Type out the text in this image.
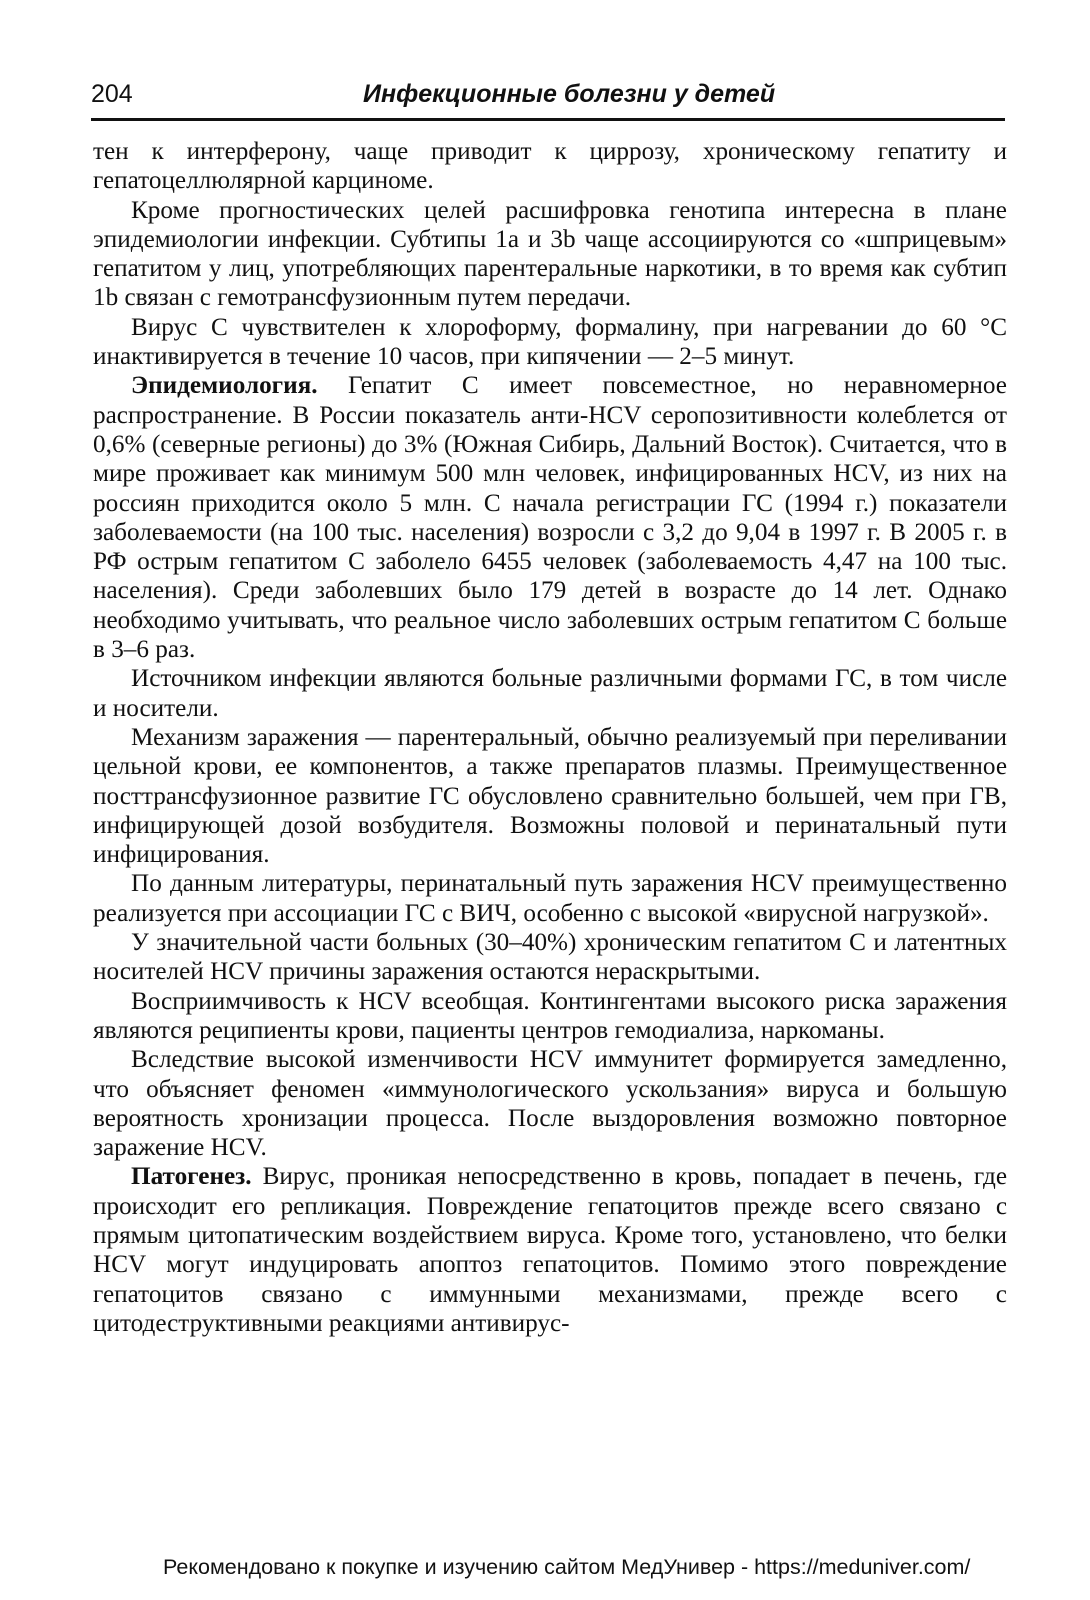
204	Инфекционные болезни у детей

тен к интерферону, чаще приводит к циррозу, хроническому гепатиту и гепатоцеллюлярной карциноме.

Кроме прогностических целей расшифровка генотипа интересна в плане эпидемиологии инфекции. Субтипы 1а и 3b чаще ассоциируются со «шприцевым» гепатитом у лиц, употребляющих парентеральные наркотики, в то время как субтип 1b связан с гемотрансфузионным путем передачи.

Вирус С чувствителен к хлороформу, формалину, при нагревании до 60 °С инактивируется в течение 10 часов, при кипячении — 2–5 минут.

Эпидемиология. Гепатит С имеет повсеместное, но неравномерное распространение. В России показатель анти-HCV серопозитивности колеблется от 0,6% (северные регионы) до 3% (Южная Сибирь, Дальний Восток). Считается, что в мире проживает как минимум 500 млн человек, инфицированных HCV, из них на россиян приходится около 5 млн. С начала регистрации ГС (1994 г.) показатели заболеваемости (на 100 тыс. населения) возросли с 3,2 до 9,04 в 1997 г. В 2005 г. в РФ острым гепатитом С заболело 6455 человек (заболеваемость 4,47 на 100 тыс. населения). Среди заболевших было 179 детей в возрасте до 14 лет. Однако необходимо учитывать, что реальное число заболевших острым гепатитом С больше в 3–6 раз.

Источником инфекции являются больные различными формами ГС, в том числе и носители.

Механизм заражения — парентеральный, обычно реализуемый при переливании цельной крови, ее компонентов, а также препаратов плазмы. Преимущественное посттрансфузионное развитие ГС обусловлено сравнительно большей, чем при ГВ, инфицирующей дозой возбудителя. Возможны половой и перинатальный пути инфицирования.

По данным литературы, перинатальный путь заражения HCV преимущественно реализуется при ассоциации ГС с ВИЧ, особенно с высокой «вирусной нагрузкой».

У значительной части больных (30–40%) хроническим гепатитом С и латентных носителей HCV причины заражения остаются нераскрытыми.

Восприимчивость к HCV всеобщая. Контингентами высокого риска заражения являются реципиенты крови, пациенты центров гемодиализа, наркоманы.

Вследствие высокой изменчивости HCV иммунитет формируется замедленно, что объясняет феномен «иммунологического ускользания» вируса и большую вероятность хронизации процесса. После выздоровления возможно повторное заражение HCV.

Патогенез. Вирус, проникая непосредственно в кровь, попадает в печень, где происходит его репликация. Повреждение гепатоцитов прежде всего связано с прямым цитопатическим воздействием вируса. Кроме того, установлено, что белки HCV могут индуцировать апоптоз гепатоцитов. Помимо этого повреждение гепатоцитов связано с иммунными механизмами, прежде всего с цитодеструктивными реакциями антивирус-

Рекомендовано к покупке и изучению сайтом МедУнивер - https://meduniver.com/
